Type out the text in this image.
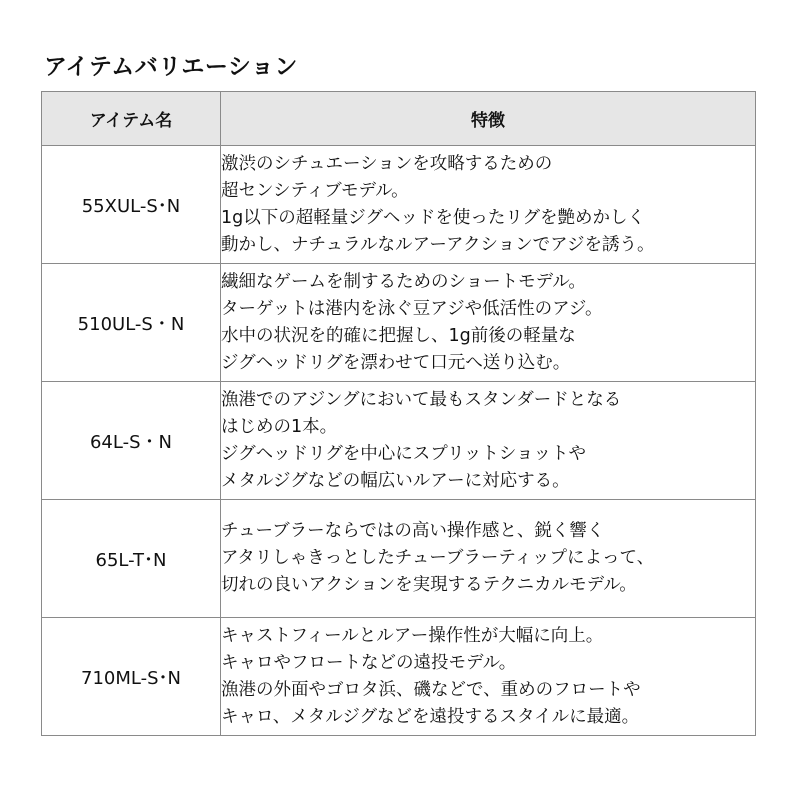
アイテムバリエーション
アイテム名	特徴
55XUL-S･N	激渋のシチュエーションを攻略するための
超センシティブモデル。
1g以下の超軽量ジグヘッドを使ったリグを艶めかしく
動かし、ナチュラルなルアーアクションでアジを誘う。

510UL-S・N	繊細なゲームを制するためのショートモデル。
ターゲットは港内を泳ぐ豆アジや低活性のアジ。
水中の状況を的確に把握し、1g前後の軽量な
ジグヘッドリグを漂わせて口元へ送り込む。

64L-S・N	漁港でのアジングにおいて最もスタンダードとなる
はじめの1本。
ジグヘッドリグを中心にスプリットショットや
メタルジグなどの幅広いルアーに対応する。

65L-T･N	チューブラーならではの高い操作感と、鋭く響く
アタリしゃきっとしたチューブラーティップによって、
切れの良いアクションを実現するテクニカルモデル。

710ML-S･N	キャストフィールとルアー操作性が大幅に向上。
キャロやフロートなどの遠投モデル。
漁港の外面やゴロタ浜、磯などで、重めのフロートや
キャロ、メタルジグなどを遠投するスタイルに最適。
